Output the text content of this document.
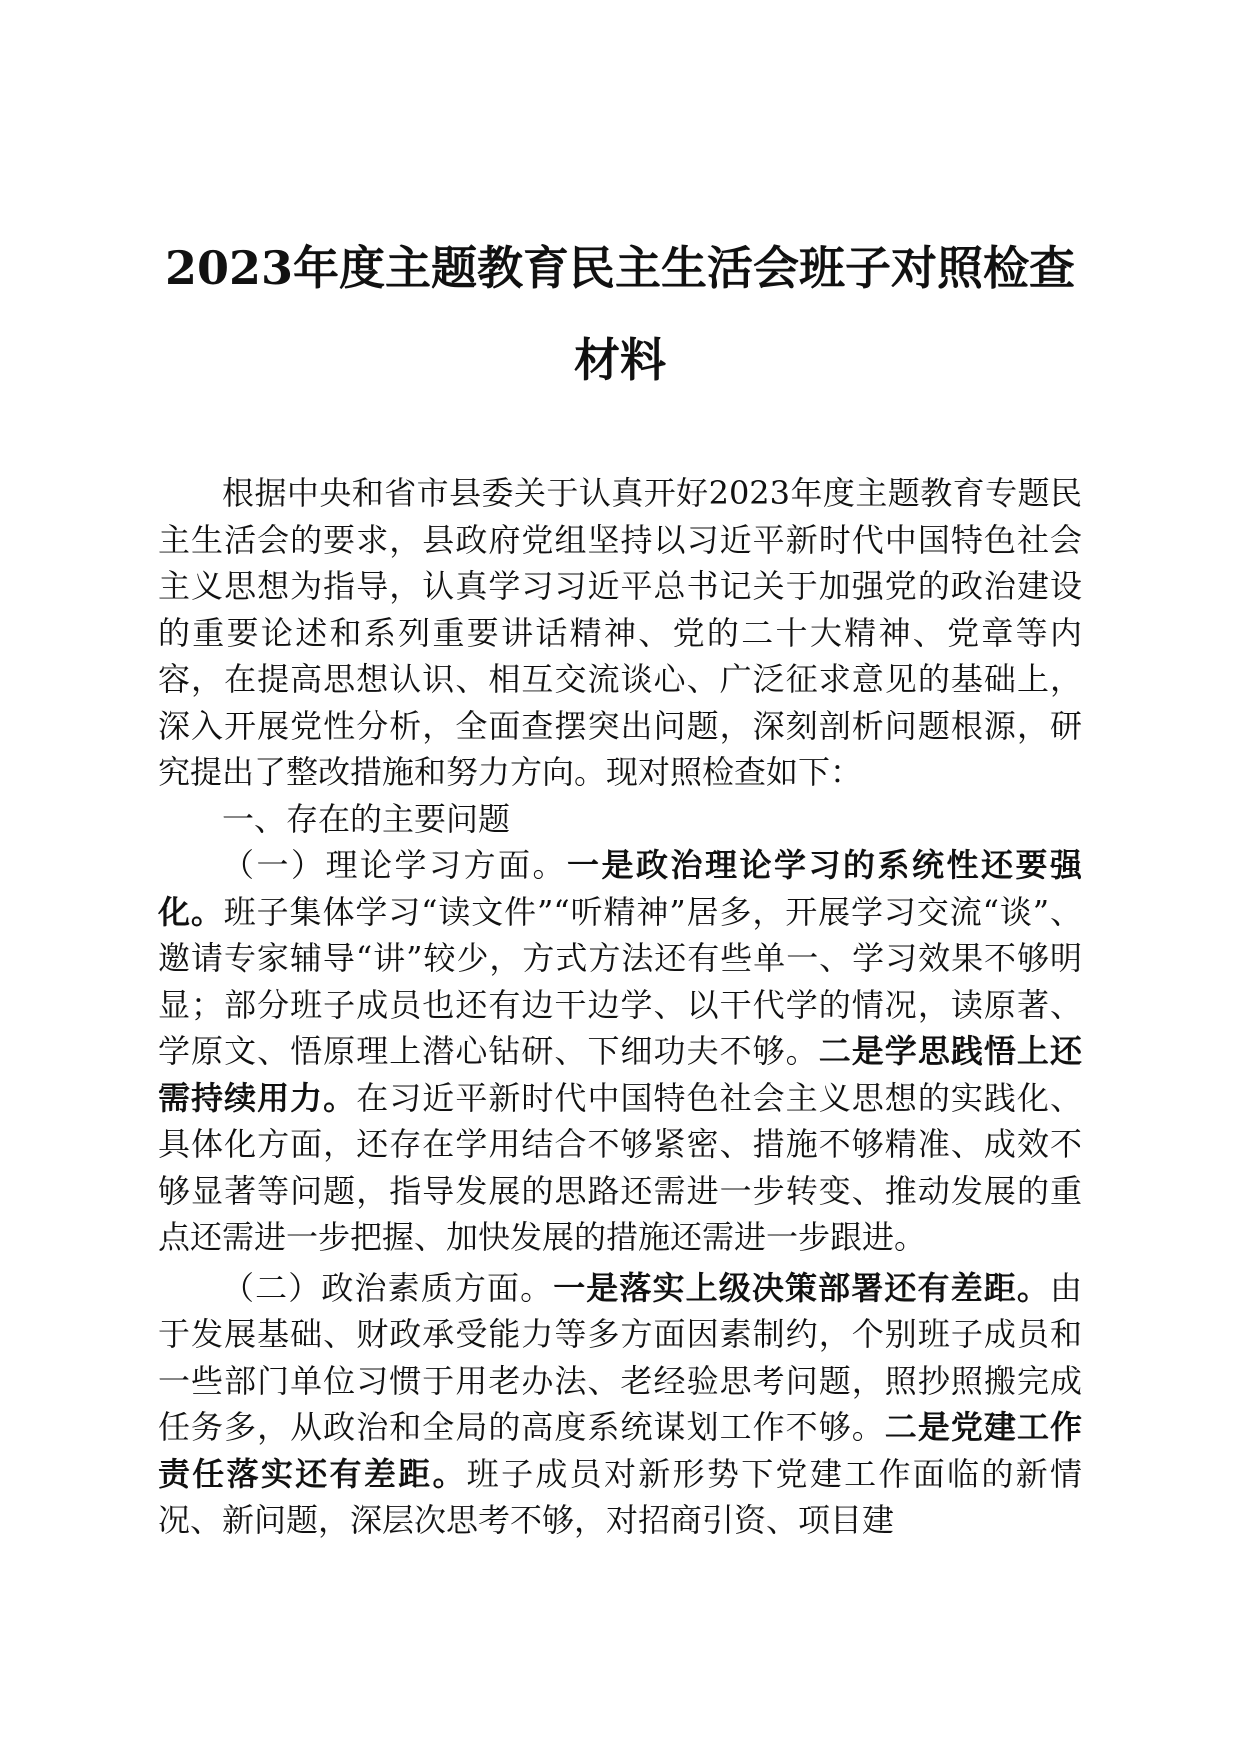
2023年度主题教育民主生活会班子对照检查
材料

根据中央和省市县委关于认真开好2023年度主题教育专题民主生活会的要求，县政府党组坚持以习近平新时代中国特色社会主义思想为指导，认真学习习近平总书记关于加强党的政治建设的重要论述和系列重要讲话精神、党的二十大精神、党章等内容，在提高思想认识、相互交流谈心、广泛征求意见的基础上，深入开展党性分析，全面查摆突出问题，深刻剖析问题根源，研究提出了整改措施和努力方向。现对照检查如下：

一、存在的主要问题

（一）理论学习方面。一是政治理论学习的系统性还要强化。班子集体学习“读文件”“听精神”居多，开展学习交流“谈”、邀请专家辅导“讲”较少，方式方法还有些单一、学习效果不够明显；部分班子成员也还有边干边学、以干代学的情况，读原著、学原文、悟原理上潜心钻研、下细功夫不够。二是学思践悟上还需持续用力。在习近平新时代中国特色社会主义思想的实践化、具体化方面，还存在学用结合不够紧密、措施不够精准、成效不够显著等问题，指导发展的思路还需进一步转变、推动发展的重点还需进一步把握、加快发展的措施还需进一步跟进。

（二）政治素质方面。一是落实上级决策部署还有差距。由于发展基础、财政承受能力等多方面因素制约，个别班子成员和一些部门单位习惯于用老办法、老经验思考问题，照抄照搬完成任务多，从政治和全局的高度系统谋划工作不够。二是党建工作责任落实还有差距。班子成员对新形势下党建工作面临的新情况、新问题，深层次思考不够，对招商引资、项目建
